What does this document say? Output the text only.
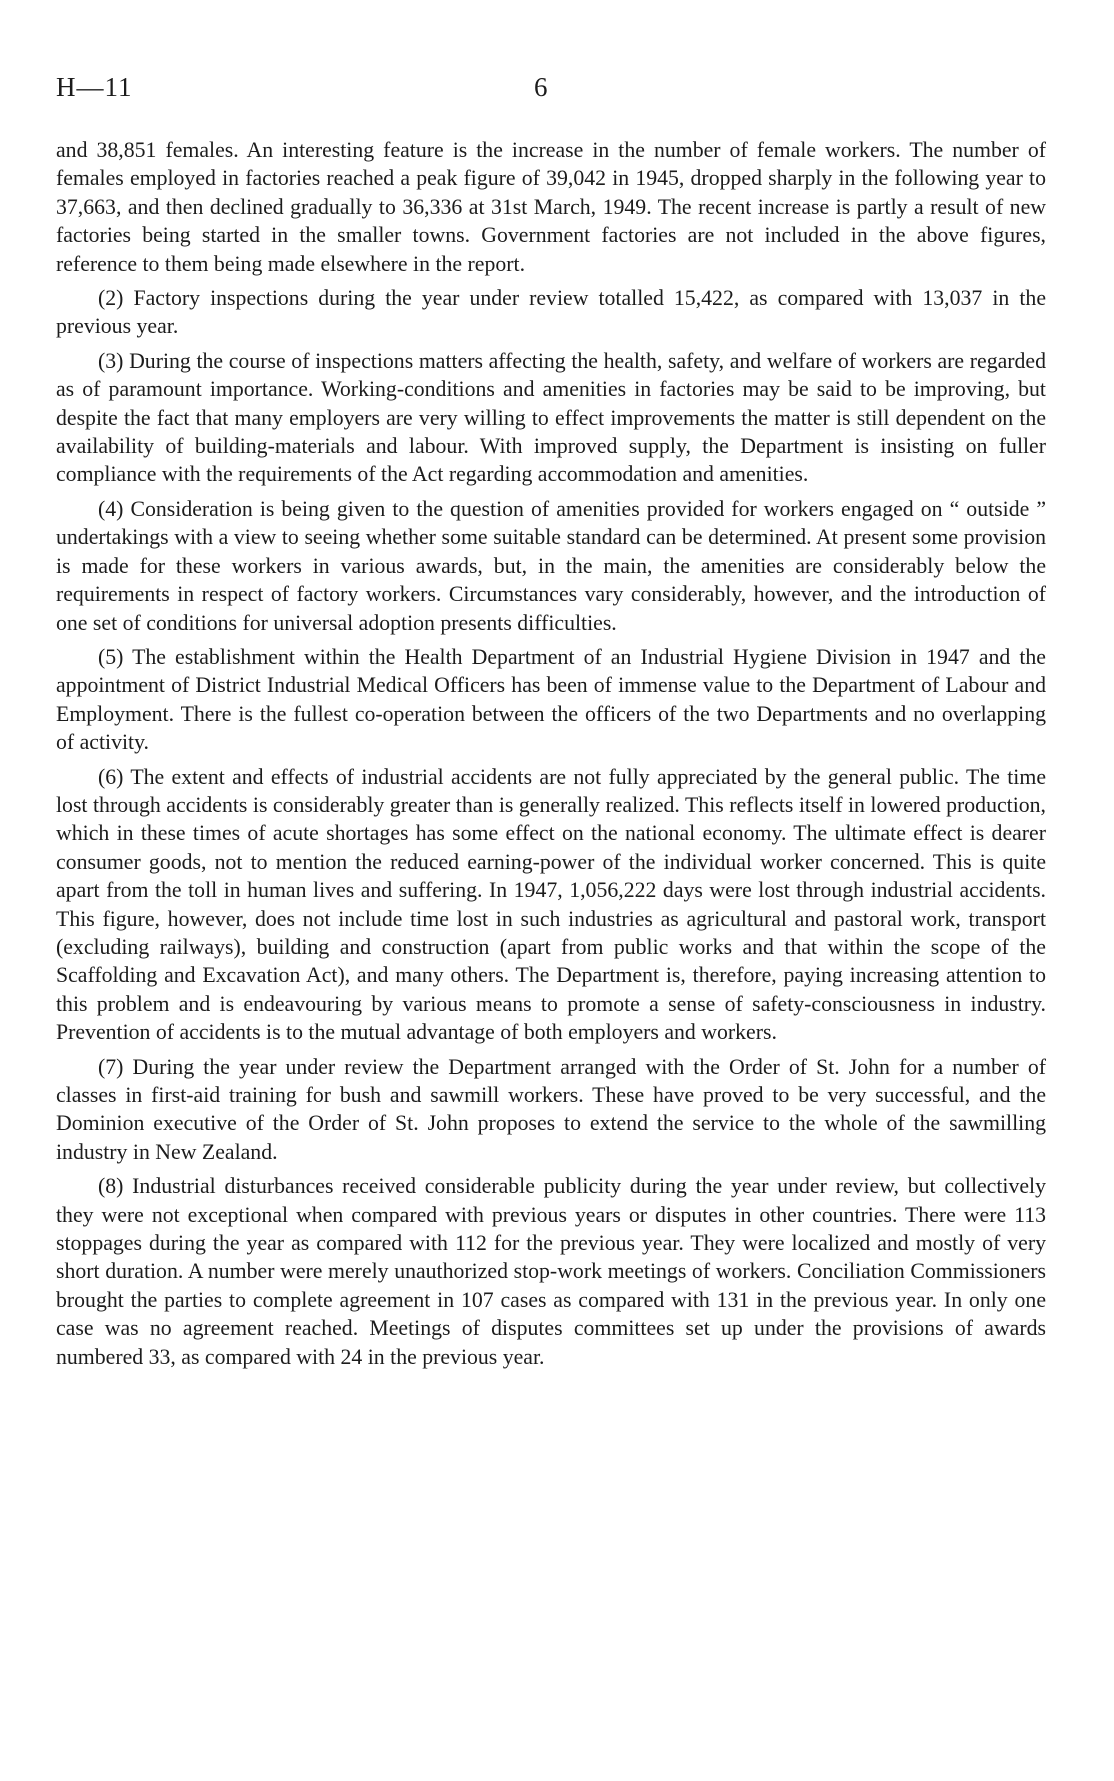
H—11	6

and 38,851 females. An interesting feature is the increase in the number of female workers. The number of females employed in factories reached a peak figure of 39,042 in 1945, dropped sharply in the following year to 37,663, and then declined gradually to 36,336 at 31st March, 1949. The recent increase is partly a result of new factories being started in the smaller towns. Government factories are not included in the above figures, reference to them being made elsewhere in the report.

(2) Factory inspections during the year under review totalled 15,422, as compared with 13,037 in the previous year.

(3) During the course of inspections matters affecting the health, safety, and welfare of workers are regarded as of paramount importance. Working-conditions and amenities in factories may be said to be improving, but despite the fact that many employers are very willing to effect improvements the matter is still dependent on the availability of building-materials and labour. With improved supply, the Department is insisting on fuller compliance with the requirements of the Act regarding accommodation and amenities.

(4) Consideration is being given to the question of amenities provided for workers engaged on “ outside ” undertakings with a view to seeing whether some suitable standard can be determined. At present some provision is made for these workers in various awards, but, in the main, the amenities are considerably below the requirements in respect of factory workers. Circumstances vary considerably, however, and the introduction of one set of conditions for universal adoption presents difficulties.

(5) The establishment within the Health Department of an Industrial Hygiene Division in 1947 and the appointment of District Industrial Medical Officers has been of immense value to the Department of Labour and Employment. There is the fullest co-operation between the officers of the two Departments and no overlapping of activity.

(6) The extent and effects of industrial accidents are not fully appreciated by the general public. The time lost through accidents is considerably greater than is generally realized. This reflects itself in lowered production, which in these times of acute shortages has some effect on the national economy. The ultimate effect is dearer consumer goods, not to mention the reduced earning-power of the individual worker concerned. This is quite apart from the toll in human lives and suffering. In 1947, 1,056,222 days were lost through industrial accidents. This figure, however, does not include time lost in such industries as agricultural and pastoral work, transport (excluding railways), building and construction (apart from public works and that within the scope of the Scaffolding and Excavation Act), and many others. The Department is, therefore, paying increasing attention to this problem and is endeavouring by various means to promote a sense of safety-consciousness in industry. Prevention of accidents is to the mutual advantage of both employers and workers.

(7) During the year under review the Department arranged with the Order of St. John for a number of classes in first-aid training for bush and sawmill workers. These have proved to be very successful, and the Dominion executive of the Order of St. John proposes to extend the service to the whole of the sawmilling industry in New Zealand.

(8) Industrial disturbances received considerable publicity during the year under review, but collectively they were not exceptional when compared with previous years or disputes in other countries. There were 113 stoppages during the year as compared with 112 for the previous year. They were localized and mostly of very short duration. A number were merely unauthorized stop-work meetings of workers. Conciliation Commissioners brought the parties to complete agreement in 107 cases as compared with 131 in the previous year. In only one case was no agreement reached. Meetings of disputes committees set up under the provisions of awards numbered 33, as compared with 24 in the previous year.
